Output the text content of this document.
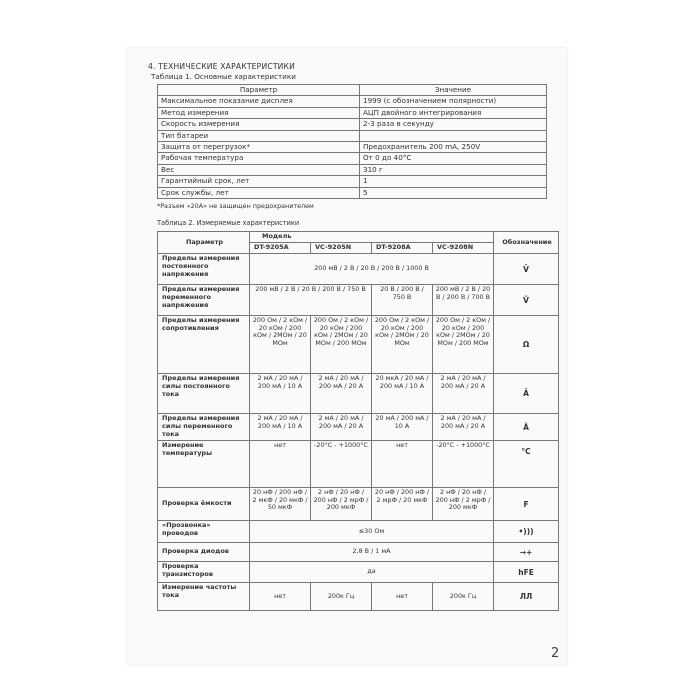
4. ТЕХНИЧЕСКИЕ ХАРАКТЕРИСТИКИ
Таблица 1. Основные характеристики
Параметр	Значение
Максимальное показание дисплея	1999 (с обозначением полярности)
Метод измерения	АЦП двойного интегрирования
Скорость измерения	2-3 раза в секунду
Тип батареи	
Защита от перегрузок*	Предохранитель 200 mA, 250V
Рабочая температура	От 0 до 40°С
Вес	310 г
Гарантийный срок, лет	1
Срок службы, лет	5
*Разъем «20А» не защищен предохранителем
Таблица 2. Измеряемые характеристики
Параметр	Модель				Обозначение
	DT-9205A	VC-9205N	DT-9208A	VC-9208N	
Пределы измерения постоянного напряжения	200 мВ / 2 В / 20 В / 200 В / 1000 В				V̄
Пределы измерения переменного напряжения	200 мВ / 2 В / 20 В / 200 В / 750 В		20 В / 200 В / 750 В	200 мВ / 2 В / 20 В / 200 В / 700 В	Ṽ
Пределы измерения сопротивления	200 Ом / 2 кОм / 20 кОм / 200 кОм / 2МОм / 20 МОм	200 Ом / 2 кОм / 20 кОм / 200 кОм / 2МОм / 20 МОм / 200 МОм	200 Ом / 2 кОм / 20 кОм / 200 кОм / 2МОм / 20 МОм	200 Ом / 2 кОм / 20 кОм / 200 кОм / 2МОм / 20 МОм / 200 МОм	Ω
Пределы измерения силы постоянного тока	2 мА / 20 мА / 200 мА / 10 А	2 мА / 20 мА / 200 мА / 20 А	20 мкА / 20 мА / 200 мА / 10 А	2 мА / 20 мА / 200 мА / 20 А	Ā
Пределы измерения силы переменного тока	2 мА / 20 мА / 200 мА / 10 А	2 мА / 20 мА / 200 мА / 20 А	20 мА / 200 мА / 10 А	2 мА / 20 мА / 200 мА / 20 А	Ã
Измерение температуры	нет	-20°С - +1000°С	нет	-20°С - +1000°С	°C
Проверка ёмкости	20 нФ / 200 нФ / 2 мкФ / 20 мкФ / 50 мкФ	2 нФ / 20 нФ / 200 нФ / 2 мрФ / 200 мкФ	20 нФ / 200 нФ / 2 мрФ / 20 мкФ	2 нФ / 20 нФ / 200 нФ / 2 мрФ / 200 мкФ	F
«Прозвонка» проводов	≤30 Ом				•)))
Проверка диодов	2,8 В / 1 мА				→+
Проверка транзисторов	да				hFE
Измерение частоты тока	нет	200к Гц	нет	200к Гц	ЛЛ
2
